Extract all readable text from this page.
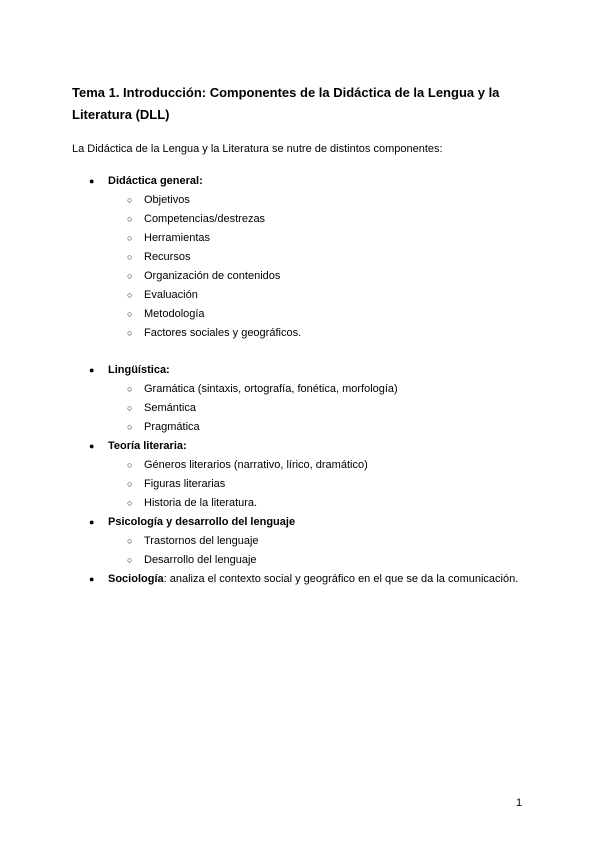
Tema 1. Introducción: Componentes de la Didáctica de la Lengua y la Literatura (DLL)

La Didáctica de la Lengua y la Literatura se nutre de distintos componentes:

●	Didáctica general:
○	Objetivos
○	Competencias/destrezas
○	Herramientas
○	Recursos
○	Organización de contenidos
○	Evaluación
○	Metodología
○	Factores sociales y geográficos.
●	Lingüística:
○	Gramática (sintaxis, ortografía, fonética, morfología)
○	Semántica
○	Pragmática
●	Teoría literaria:
○	Géneros literarios (narrativo, lírico, dramático)
○	Figuras literarias
○	Historia de la literatura.
●	Psicología y desarrollo del lenguaje
○	Trastornos del lenguaje
○	Desarrollo del lenguaje
●	Sociología: analiza el contexto social y geográfico en el que se da la comunicación.

1
